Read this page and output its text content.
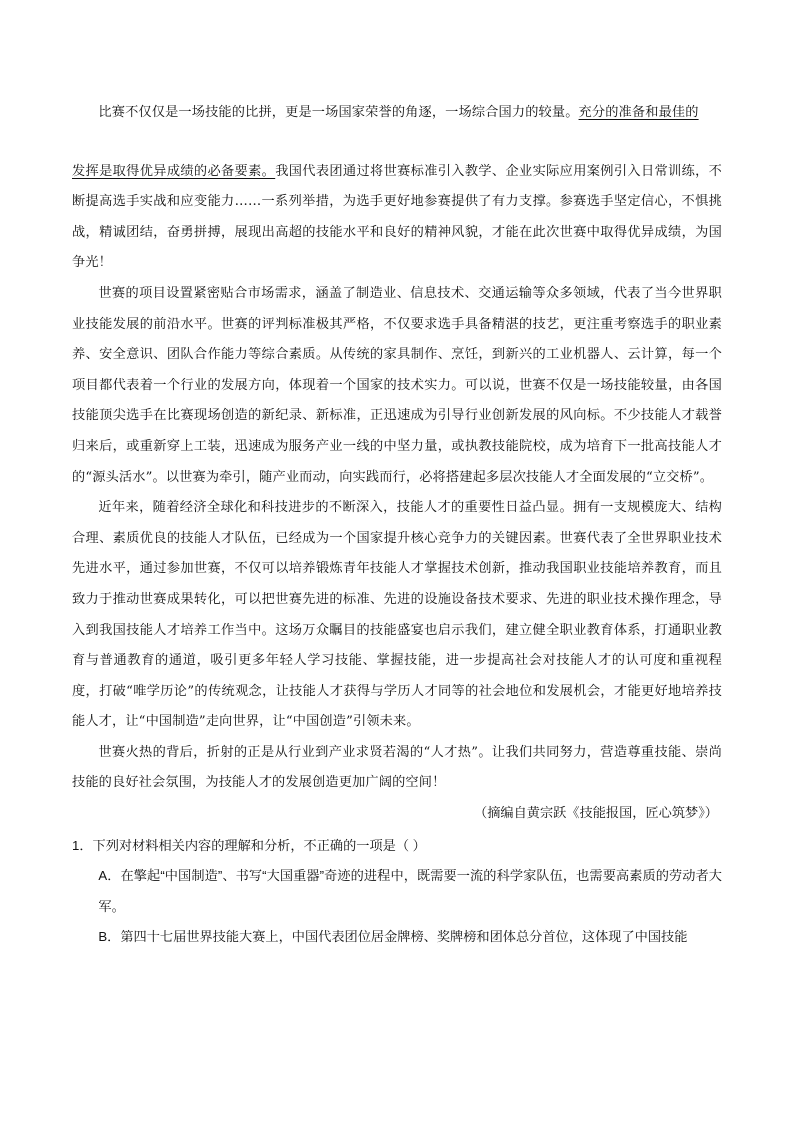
比赛不仅仅是一场技能的比拼，更是一场国家荣誉的角逐，一场综合国力的较量。充分的准备和最佳的

发挥是取得优异成绩的必备要素。我国代表团通过将世赛标准引入教学、企业实际应用案例引入日常训练，不断提高选手实战和应变能力……一系列举措，为选手更好地参赛提供了有力支撑。参赛选手坚定信心，不惧挑战，精诚团结，奋勇拼搏，展现出高超的技能水平和良好的精神风貌，才能在此次世赛中取得优异成绩，为国争光！

世赛的项目设置紧密贴合市场需求，涵盖了制造业、信息技术、交通运输等众多领域，代表了当今世界职业技能发展的前沿水平。世赛的评判标准极其严格，不仅要求选手具备精湛的技艺，更注重考察选手的职业素养、安全意识、团队合作能力等综合素质。从传统的家具制作、烹饪，到新兴的工业机器人、云计算，每一个项目都代表着一个行业的发展方向，体现着一个国家的技术实力。可以说，世赛不仅是一场技能较量，由各国技能顶尖选手在比赛现场创造的新纪录、新标准，正迅速成为引导行业创新发展的风向标。不少技能人才载誉归来后，或重新穿上工装，迅速成为服务产业一线的中坚力量，或执教技能院校，成为培育下一批高技能人才的“源头活水”。以世赛为牵引，随产业而动，向实践而行，必将搭建起多层次技能人才全面发展的“立交桥”。

近年来，随着经济全球化和科技进步的不断深入，技能人才的重要性日益凸显。拥有一支规模庞大、结构合理、素质优良的技能人才队伍，已经成为一个国家提升核心竞争力的关键因素。世赛代表了全世界职业技术先进水平，通过参加世赛，不仅可以培养锻炼青年技能人才掌握技术创新，推动我国职业技能培养教育，而且致力于推动世赛成果转化，可以把世赛先进的标准、先进的设施设备技术要求、先进的职业技术操作理念，导入到我国技能人才培养工作当中。这场万众瞩目的技能盛宴也启示我们，建立健全职业教育体系，打通职业教育与普通教育的通道，吸引更多年轻人学习技能、掌握技能，进一步提高社会对技能人才的认可度和重视程度，打破“唯学历论”的传统观念，让技能人才获得与学历人才同等的社会地位和发展机会，才能更好地培养技能人才，让“中国制造”走向世界，让“中国创造”引领未来。

世赛火热的背后，折射的正是从行业到产业求贤若渴的“人才热”。让我们共同努力，营造尊重技能、崇尚技能的良好社会氛围，为技能人才的发展创造更加广阔的空间！

（摘编自黄宗跃《技能报国，匠心筑梦》）

1．下列对材料相关内容的理解和分析，不正确的一项是（ ）

A．在擎起“中国制造”、书写“大国重器”奇迹的进程中，既需要一流的科学家队伍，也需要高素质的劳动者大军。

B．第四十七届世界技能大赛上，中国代表团位居金牌榜、奖牌榜和团体总分首位，这体现了中国技能
